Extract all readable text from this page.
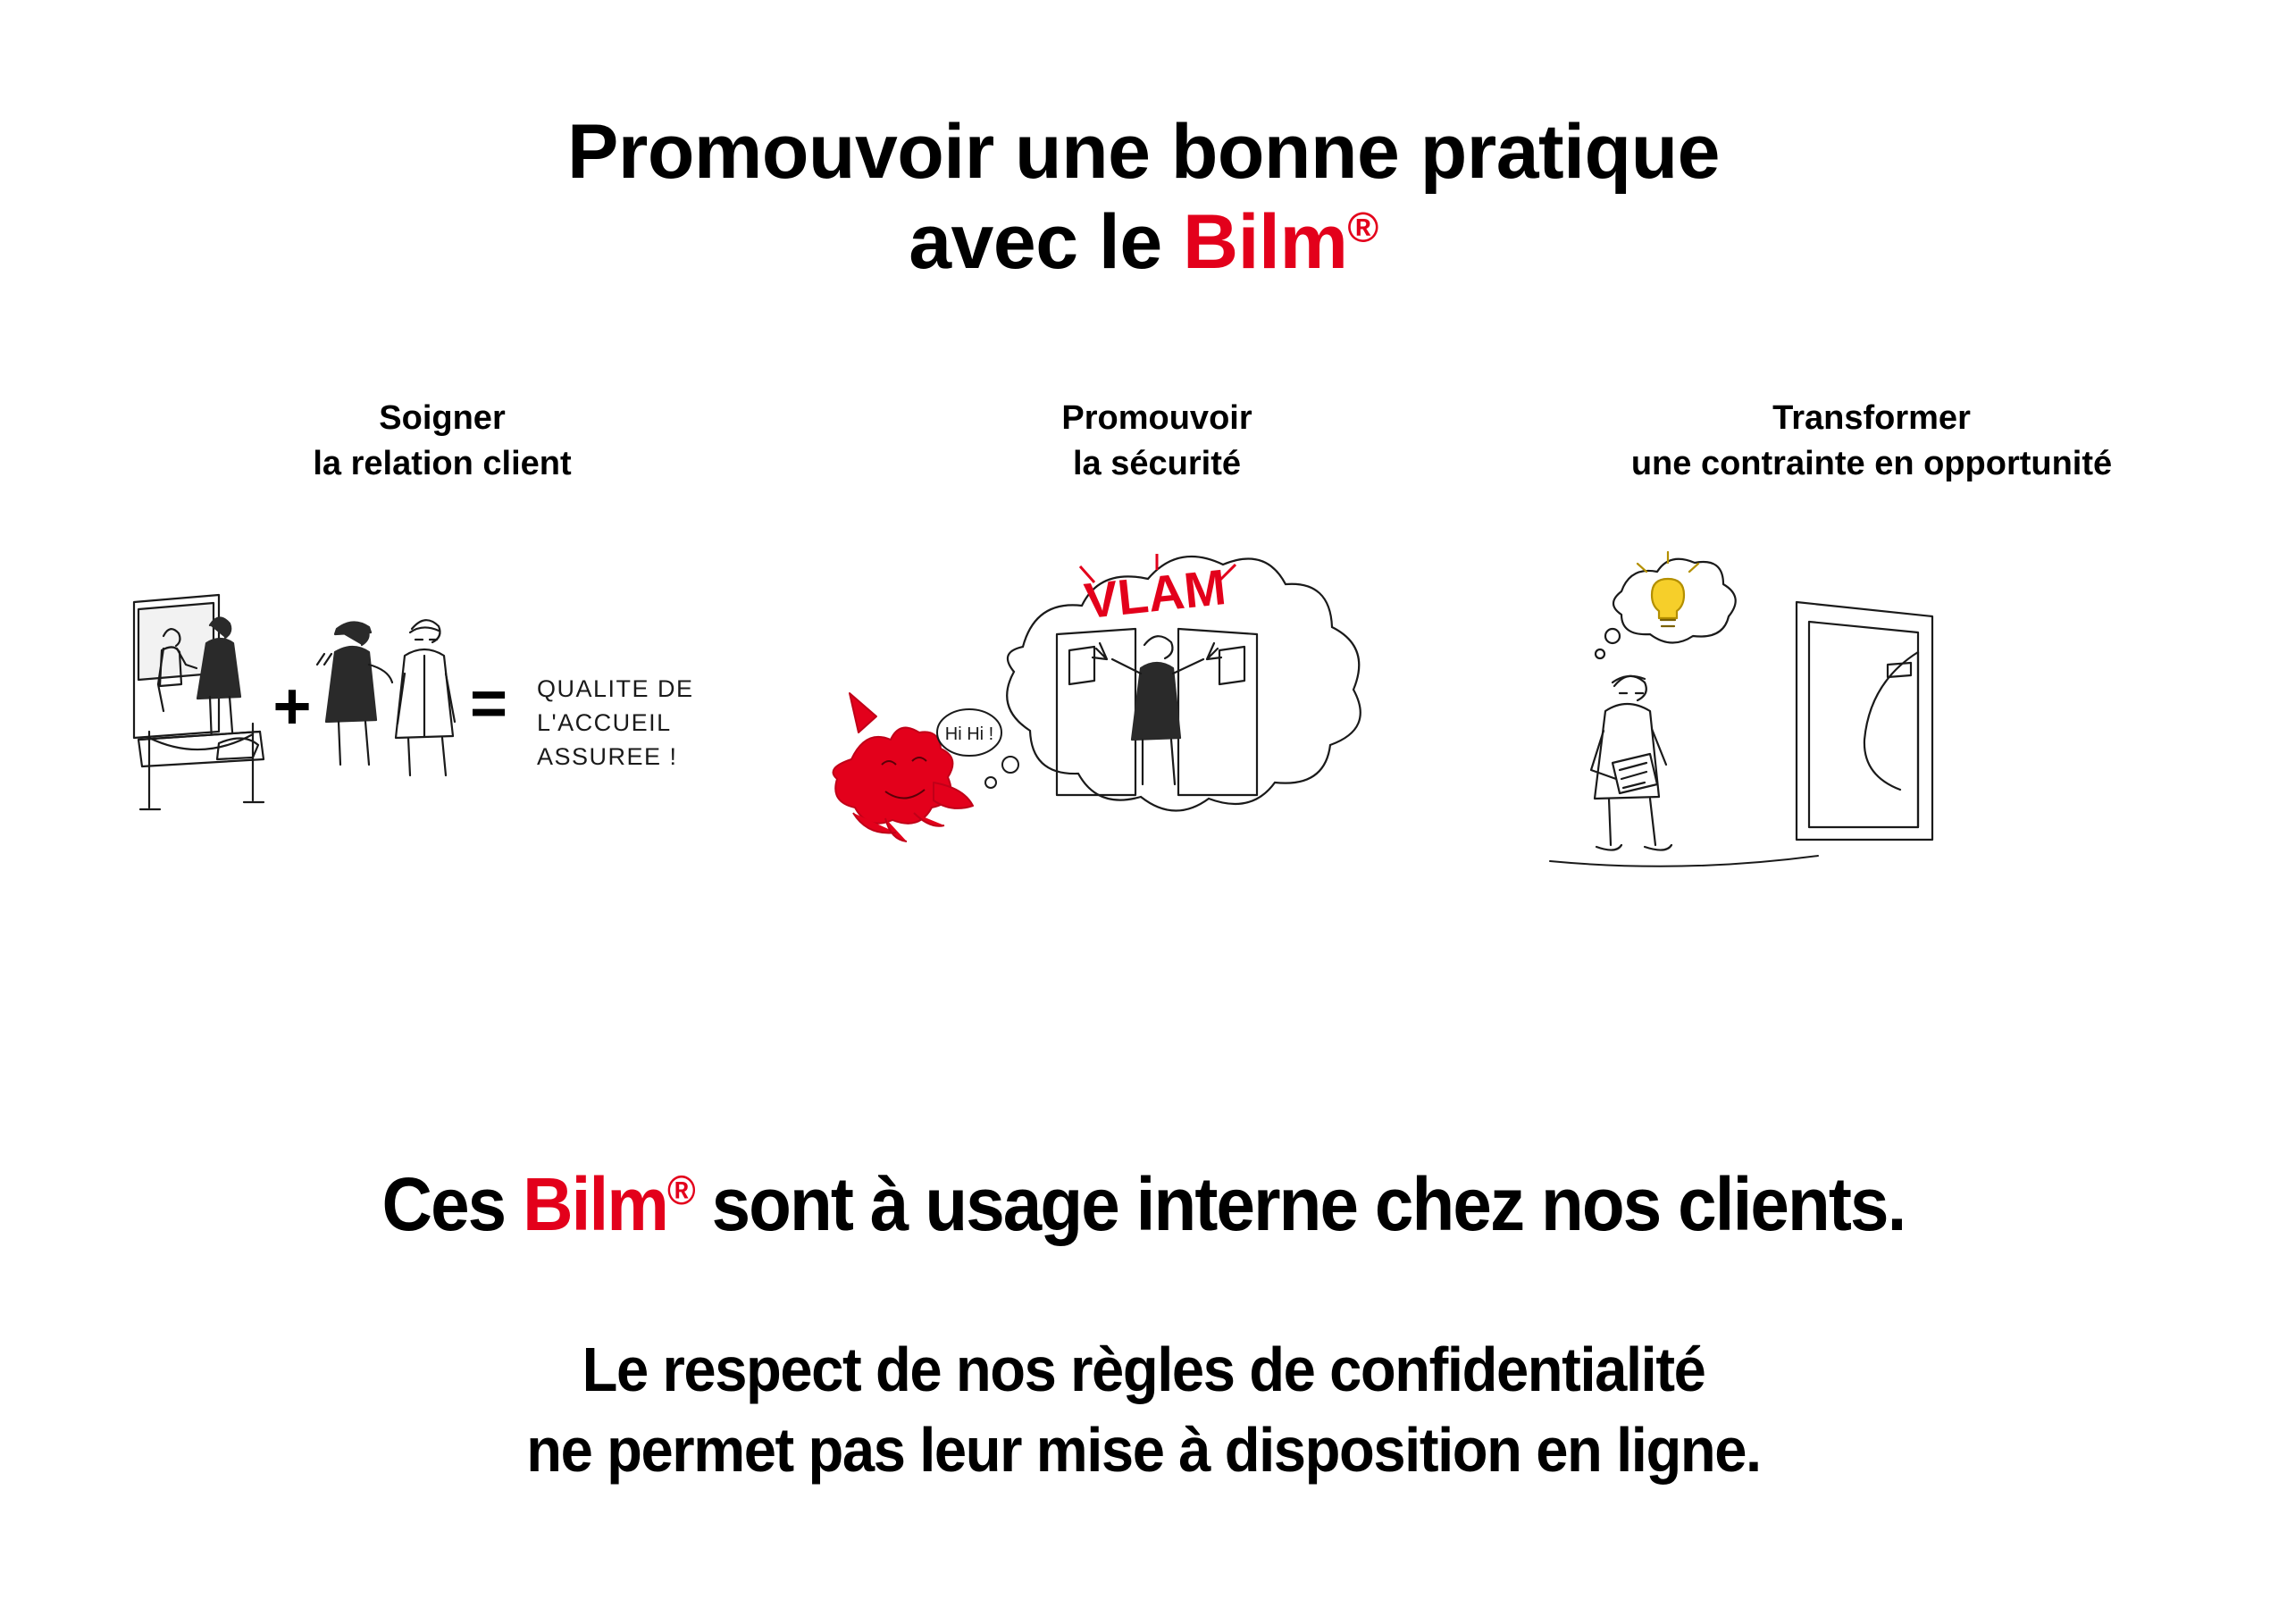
Promouvoir une bonne pratique
avec le Bilm®
Soigner
la relation client
+ = QUALITE DE
L'ACCUEIL
ASSUREE !
Promouvoir
la sécurité
VLAM
Hi Hi !
Transformer
une contrainte en opportunité
Ces Bilm® sont à usage interne chez nos clients.
Le respect de nos règles de confidentialité
ne permet pas leur mise à disposition en ligne.
